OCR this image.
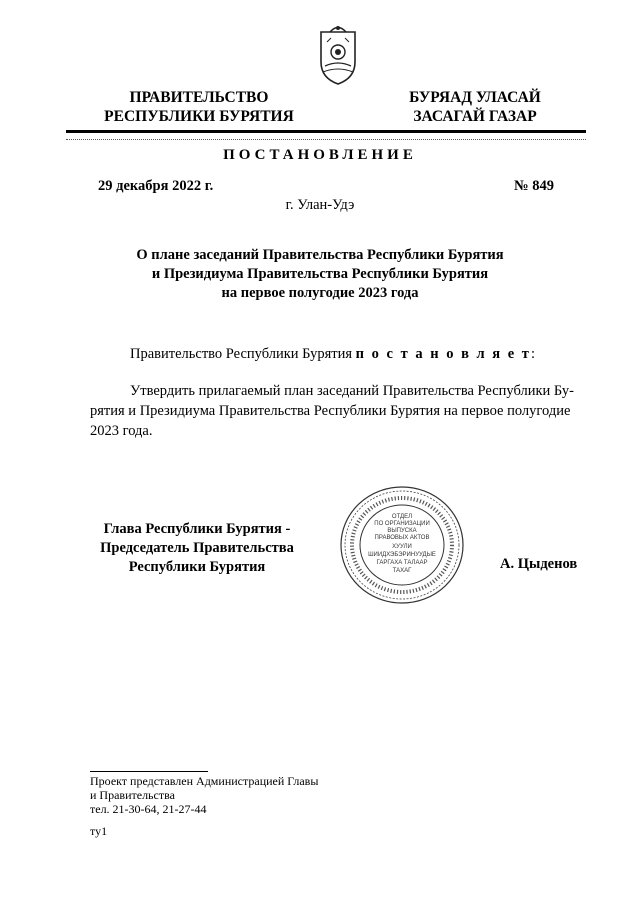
ПРАВИТЕЛЬСТВО
РЕСПУБЛИКИ БУРЯТИЯ
БУРЯАД УЛАСАЙ
ЗАСАГАЙ ГАЗАР
ПОСТАНОВЛЕНИЕ
29 декабря 2022 г.	№ 849
г. Улан-Удэ
О плане заседаний Правительства Республики Бурятия
и Президиума Правительства Республики Бурятия
на первое полугодие 2023 года
Правительство Республики Бурятия п о с т а н о в л я е т:
Утвердить прилагаемый план заседаний Правительства Республики Бу-
рятия и Президиума Правительства Республики Бурятия на первое полугодие
2023 года.
Глава Республики Бурятия -
Председатель Правительства
Республики Бурятия
ОТДЕЛ
ПО ОРГАНИЗАЦИИ
ВЫПУСКА
ПРАВОВЫХ АКТОВ
ХУУЛИ
ШИИДХЭБЭРИНУУДЫЕ
ГАРГАХА ТАЛААР
ТАХАГ	А. Цыденов
Проект представлен Администрацией Главы
и Правительства
тел. 21-30-64, 21-27-44
ту1
